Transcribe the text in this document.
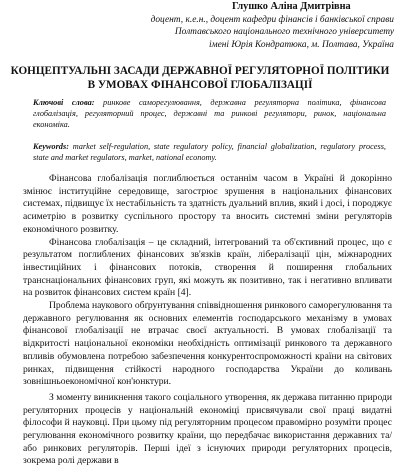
Глушко Аліна Дмитрівна
доцент, к.е.н., доцент кафедри фінансів і банківської справи
Полтавського національного технічного університету
імені Юрія Кондратюка, м. Полтава, Україна
КОНЦЕПТУАЛЬНІ ЗАСАДИ ДЕРЖАВНОЇ РЕГУЛЯТОРНОЇ ПОЛІТИКИ
В УМОВАХ ФІНАНСОВОЇ ГЛОБАЛІЗАЦІЇ
Ключові слова: ринкове саморегулювання, державна регуляторна політика, фінансова глобалізація, регуляторний процес, державні та ринкові регулятори, ринок, національна економіка.
Keywords: market self-regulation, state regulatory policy, financial globalization, regulatory process, state and market regulators, market, national economy.

Фінансова глобалізація поглиблюється останнім часом в Україні й докорінно змінює інституційне середовище, загострює зрушення в національних фінансових системах, підвищує їх нестабільність та здатність дуальний вплив, який і досі, і породжує асиметрію в розвитку суспільного простору та вносить системні зміни регуляторів економічного розвитку.

Фінансова глобалізація – це складний, інтегрований та об'єктивний процес, що є результатом поглиблених фінансових зв'язків країн, лібералізації цін, міжнародних інвестиційних і фінансових потоків, створення й поширення глобальних транснаціональних фінансових груп, які можуть як позитивно, так і негативно впливати на розвиток фінансових систем країн [4].

Проблема наукового обґрунтування співвідношення ринкового саморегулювання та державного регулювання як основних елементів господарського механізму в умовах фінансової глобалізації не втрачає своєї актуальності. В умовах глобалізації та відкритості національної економіки необхідність оптимізації ринкового та державного впливів обумовлена потребою забезпечення конкурентоспроможності країни на світових ринках, підвищення стійкості народного господарства України до коливань зовнішньоекономічної кон'юнктури.

З моменту виникнення такого соціального утворення, як держава питанню природи регуляторних процесів у національній економіці присвячували свої праці видатні філософи й науковці. При цьому під регуляторним процесом правомірно розуміти процес регулювання економічного розвитку країни, що передбачає використання державних та/або ринкових регуляторів. Перші ідеї з існуючих природи регуляторних процесів, зокрема ролі держави в
